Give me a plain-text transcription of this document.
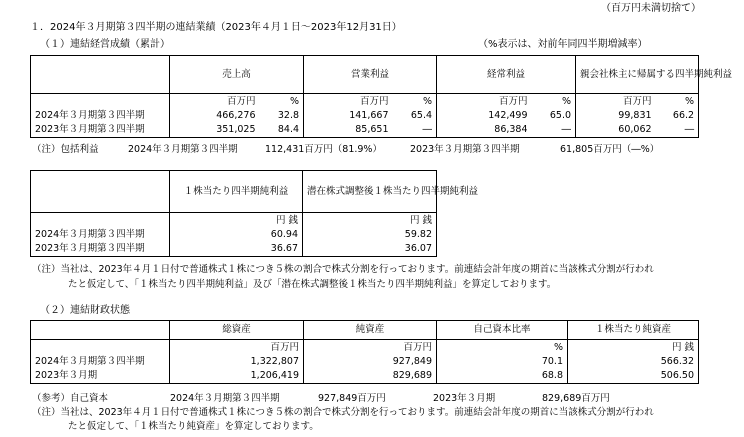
（百万円未満切捨て）
１．2024年３月期第３四半期の連結業績（2023年４月１日～2023年12月31日）
（１）連結経営成績（累計）	（%表示は、対前年同四半期増減率）
	売上高		営業利益		経常利益		親会社株主に帰属する四半期純利益	
	百万円	%	百万円	%	百万円	%	百万円	%
2024年３月期第３四半期	466,276	32.8	141,667	65.4	142,499	65.0	99,831	66.2
2023年３月期第３四半期	351,025	84.4	85,651	―	86,384	―	60,062	―
（注）包括利益	2024年３月期第３四半期	112,431百万円（81.9%）	2023年３月期第３四半期	61,805百万円（―%）
	１株当たり四半期純利益	潜在株式調整後１株当たり四半期純利益
	円 銭	円 銭
2024年３月期第３四半期	60.94	59.82
2023年３月期第３四半期	36.67	36.07
（注）当社は、2023年４月１日付で普通株式１株につき５株の割合で株式分割を行っております。前連結会計年度の期首に当該株式分割が行われ
たと仮定して、「１株当たり四半期純利益」及び「潜在株式調整後１株当たり四半期純利益」を算定しております。
（２）連結財政状態
	総資産	純資産	自己資本比率	１株当たり純資産
	百万円	百万円	%	円 銭
2024年３月期第３四半期	1,322,807	927,849	70.1	566.32
2023年３月期	1,206,419	829,689	68.8	506.50
（参考）自己資本	2024年３月期第３四半期	927,849百万円	2023年３月期	829,689百万円
（注）当社は、2023年４月１日付で普通株式１株につき５株の割合で株式分割を行っております。前連結会計年度の期首に当該株式分割が行われ
たと仮定して、「１株当たり純資産」を算定しております。
